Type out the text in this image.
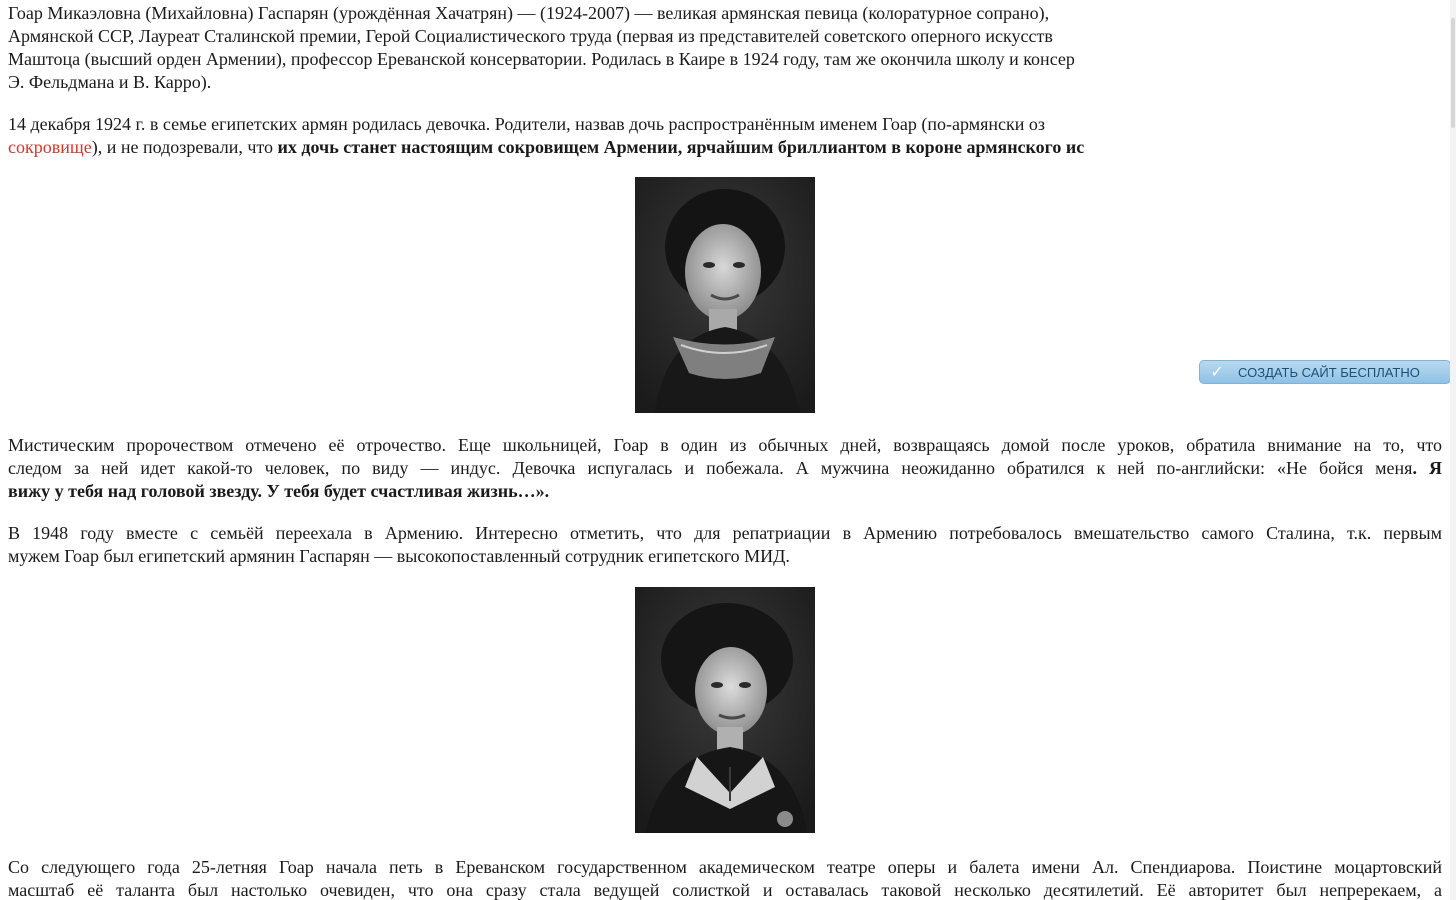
Гоар Микаэловна (Михайловна) Гаспарян (урождённая Хачатрян) — (1924-2007) — великая армянская певица (колоратурное сопрано),
Армянской ССР, Лауреат Сталинской премии, Герой Социалистического труда (первая из представителей советского оперного искусств
Маштоца (высший орден Армении), профессор Ереванской консерватории. Родилась в Каире в 1924 году, там же окончила школу и консер
Э. Фельдмана и В. Карро).

14 декабря 1924 г. в семье египетских армян родилась девочка. Родители, назвав дочь распространённым именем Гоар (по-армянски оз
сокровище), и не подозревали, что их дочь станет настоящим сокровищем Армении, ярчайшим бриллиантом в короне армянского ис

Мистическим пророчеством отмечено её отрочество. Еще школьницей, Гоар в один из обычных дней, возвращаясь домой после уроков, обратила внимание на то, что
следом за ней идет какой-то человек, по виду — индус. Девочка испугалась и побежала. А мужчина неожиданно обратился к ней по-английски: «Не бойся меня. Я
вижу у тебя над головой звезду. У тебя будет счастливая жизнь…».

В 1948 году вместе с семьёй переехала в Армению. Интересно отметить, что для репатриации в Армению потребовалось вмешательство самого Сталина, т.к. первым
мужем Гоар был египетский армянин Гаспарян — высокопоставленный сотрудник египетского МИД.

Со следующего года 25-летняя Гоар начала петь в Ереванском государственном академическом театре оперы и балета имени Ал. Спендиарова. Поистине моцартовский
масштаб её таланта был настолько очевиден, что она сразу стала ведущей солисткой и оставалась таковой несколько десятилетий. Её авторитет был непререкаем, а

✓ СОЗДАТЬ САЙТ БЕСПЛАТНО
